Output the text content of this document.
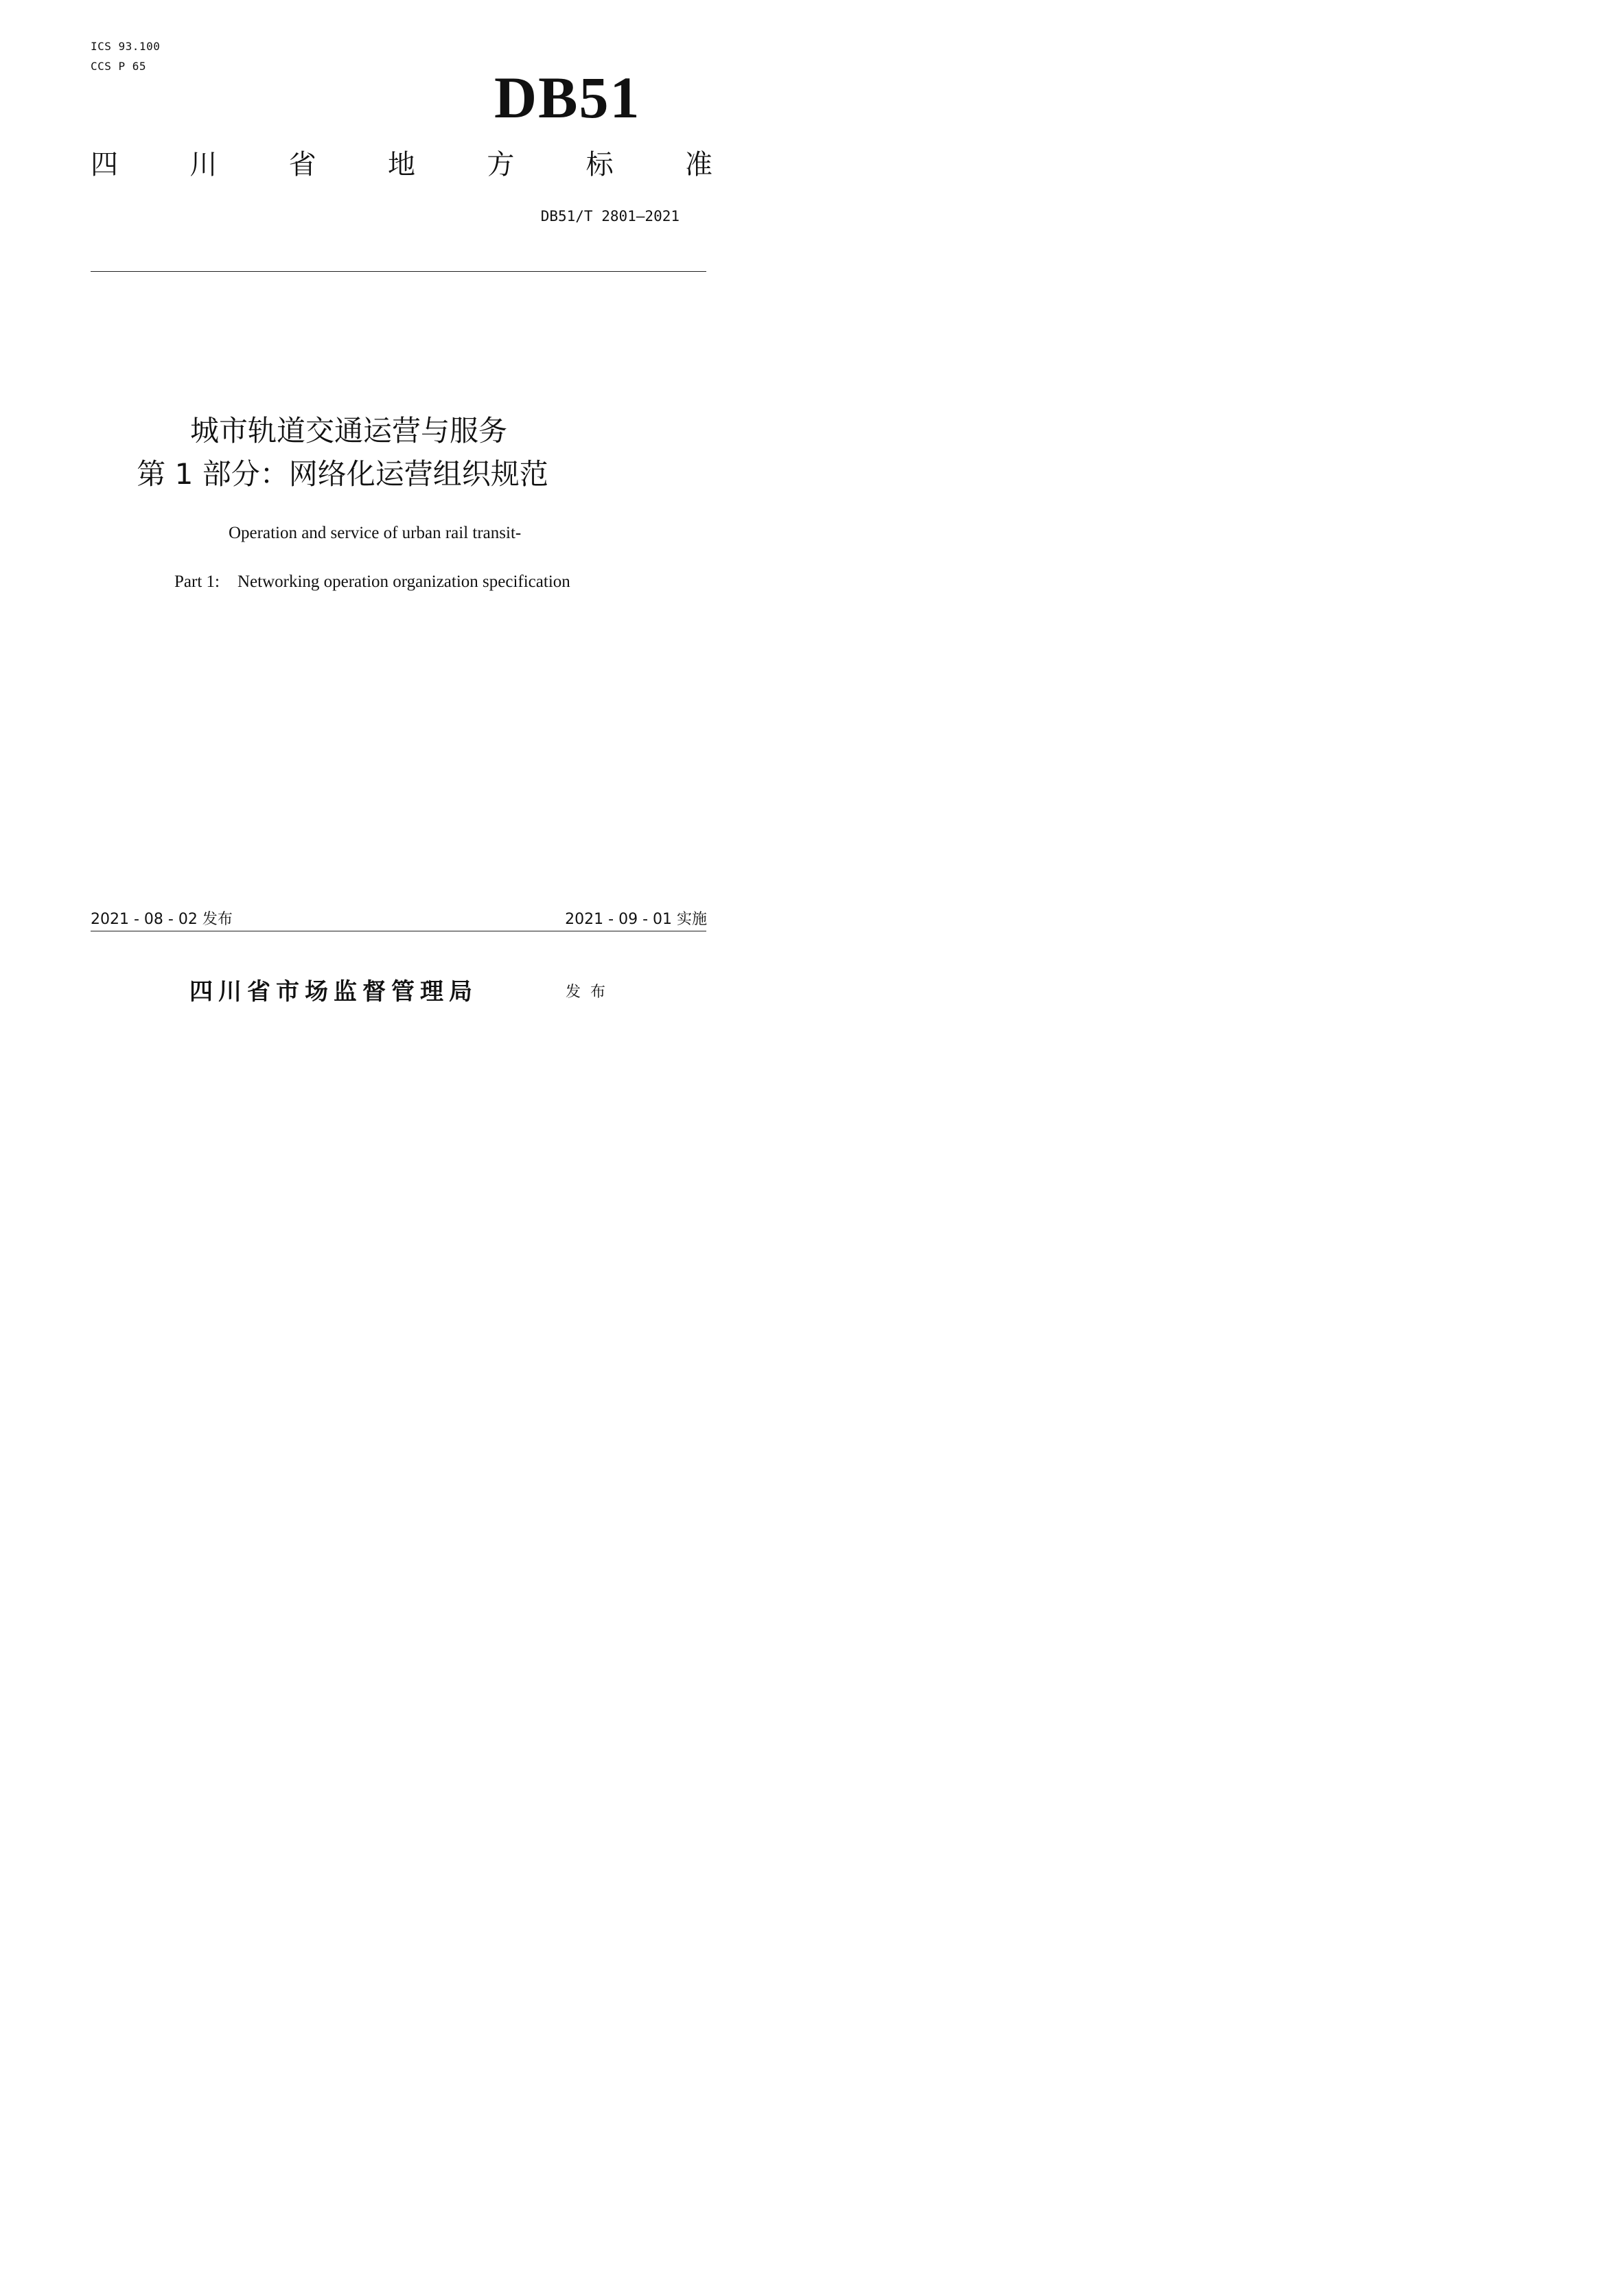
ICS 93.100
CCS P 65	DB51
四	川	省	地	方	标	准
DB51/T 2801—2021
城市轨道交通运营与服务
第 1 部分：网络化运营组织规范
Operation and service of urban rail transit-
Part 1: Networking operation organization specification
2021 - 08 - 02 发布	2021 - 09 - 01 实施
四川省市场监督管理局	发布
